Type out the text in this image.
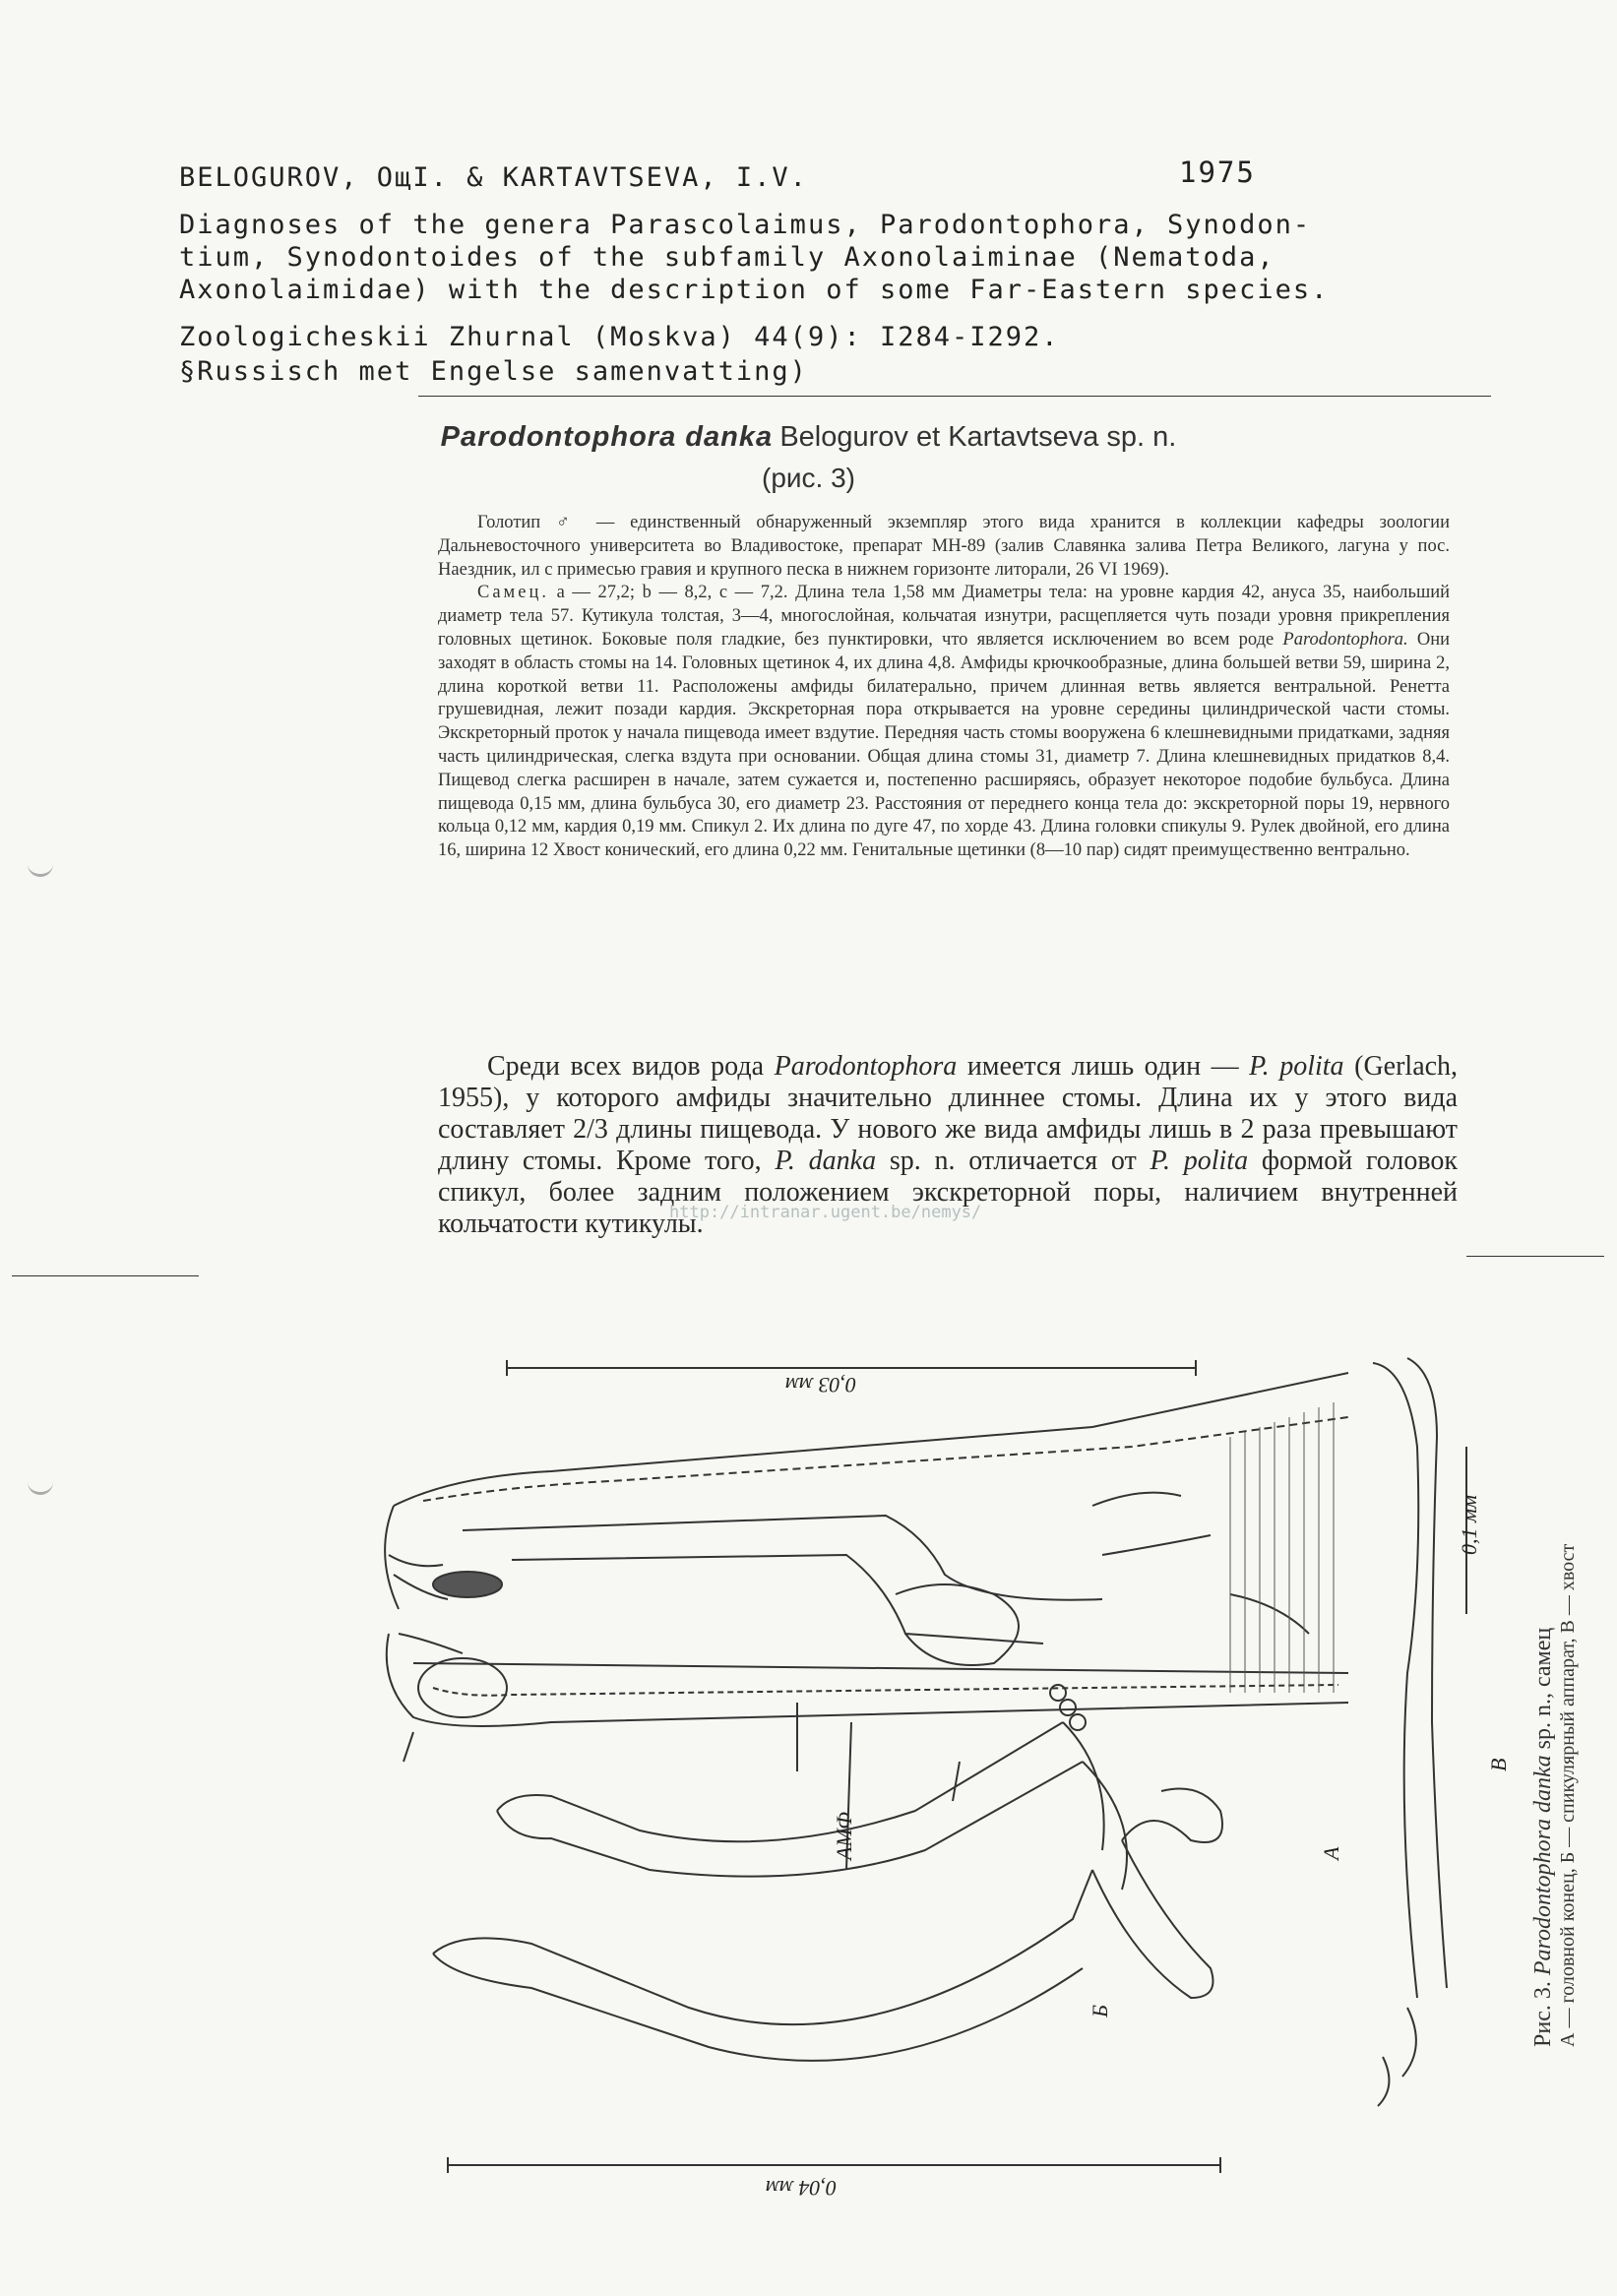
BELOGUROV, OщI. & KARTAVTSEVA, I.V.	1975
Diagnoses of the genera Parascolaimus, Parodontophora, Synodon-
tium, Synodontoides of the subfamily Axonolaiminae (Nematoda,
Axonolaimidae) with the description of some Far-Eastern species.
Zoologicheskii Zhurnal (Moskva) 44(9): I284-I292.
§Russisch met Engelse samenvatting)
Parodontophora danka Belogurov et Kartavtseva sp. n.
(рис. 3)

Голотип ♂ — единственный обнаруженный экземпляр этого вида хранится в коллекции кафедры зоологии Дальневосточного университета во Владивостоке, препарат МН-89 (залив Славянка залива Петра Великого, лагуна у пос. Наездник, ил с примесью гравия и крупного песка в нижнем горизонте литорали, 26 VI 1969).

Самец. a — 27,2; b — 8,2, c — 7,2. Длина тела 1,58 мм Диаметры тела: на уровне кардия 42, ануса 35, наибольший диаметр тела 57. Кутикула толстая, 3—4, многослойная, кольчатая изнутри, расщепляется чуть позади уровня прикрепления головных щетинок. Боковые поля гладкие, без пунктировки, что является исключением во всем роде Parodontophora. Они заходят в область стомы на 14. Головных щетинок 4, их длина 4,8. Амфиды крючкообразные, длина большей ветви 59, ширина 2, длина короткой ветви 11. Расположены амфиды билатерально, причем длинная ветвь является вентральной. Ренетта грушевидная, лежит позади кардия. Экскреторная пора открывается на уровне середины цилиндрической части стомы. Экскреторный проток у начала пищевода имеет вздутие. Передняя часть стомы вооружена 6 клешневидными придатками, задняя часть цилиндрическая, слегка вздута при основании. Общая длина стомы 31, диаметр 7. Длина клешневидных придатков 8,4. Пищевод слегка расширен в начале, затем сужается и, постепенно расширяясь, образует некоторое подобие бульбуса. Длина пищевода 0,15 мм, длина бульбуса 30, его диаметр 23. Расстояния от переднего конца тела до: экскреторной поры 19, нервного кольца 0,12 мм, кардия 0,19 мм. Спикул 2. Их длина по дуге 47, по хорде 43. Длина головки спикулы 9. Рулек двойной, его длина 16, ширина 12 Хвост конический, его длина 0,22 мм. Генитальные щетинки (8—10 пар) сидят преимущественно вентрально.

Среди всех видов рода Parodontophora имеется лишь один — P. polita (Gerlach, 1955), у которого амфиды значительно длиннее стомы. Длина их у этого вида составляет 2/3 длины пищевода. У нового же вида амфиды лишь в 2 раза превышают длину стомы. Кроме того, P. danka sp. n. отличается от P. polita формой головок спикул, более задним положением экскреторной поры, наличием внутренней кольчатости кутикулы.

http://intranar.ugent.be/nemys/
0,03 мм
0,04 мм
0,1 мм
АМФ	А
Б
В
Рис. 3. Parodontophora danka sp. n., самец А — головной конец, Б — спикулярный аппарат, В — хвост
